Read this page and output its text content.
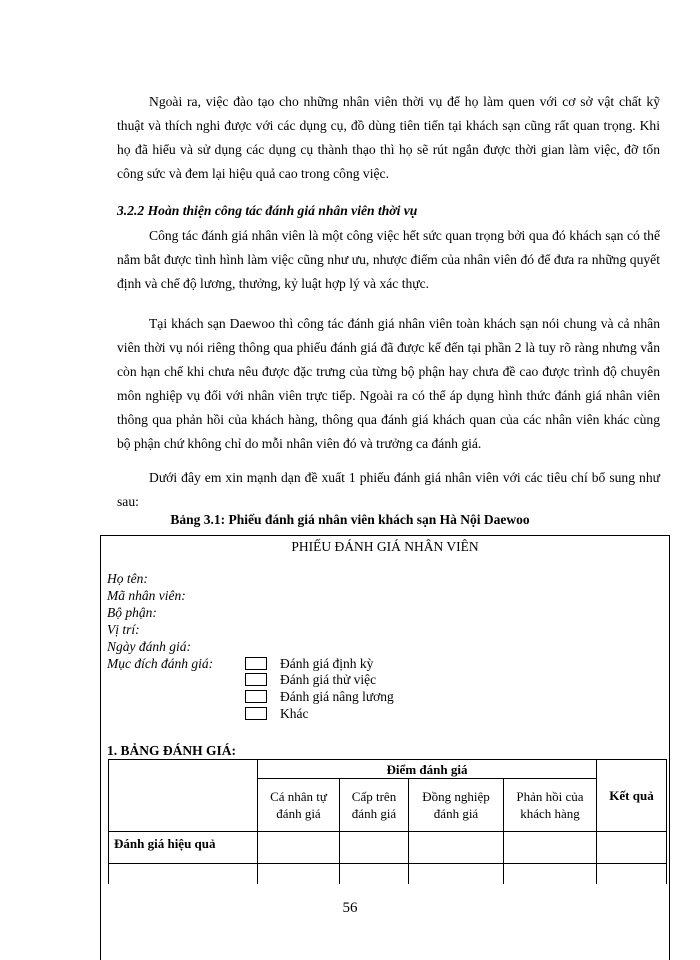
Ngoài ra, việc đào tạo cho những nhân viên thời vụ để họ làm quen với cơ sở vật chất kỹ thuật và thích nghi được với các dụng cụ, đồ dùng tiên tiến tại khách sạn cũng rất quan trọng. Khi họ đã hiểu và sử dụng các dụng cụ thành thạo thì họ sẽ rút ngắn được thời gian làm việc, đỡ tốn công sức và đem lại hiệu quả cao trong công việc.

3.2.2 Hoàn thiện công tác đánh giá nhân viên thời vụ

Công tác đánh giá nhân viên là một công việc hết sức quan trọng bởi qua đó khách sạn có thể nắm bắt được tình hình làm việc cũng như ưu, nhược điểm của nhân viên đó để đưa ra những quyết định và chế độ lương, thưởng, kỷ luật hợp lý và xác thực.

Tại khách sạn Daewoo thì công tác đánh giá nhân viên toàn khách sạn nói chung và cả nhân viên thời vụ nói riêng thông qua phiếu đánh giá đã được kể đến tại phần 2 là tuy rõ ràng nhưng vẫn còn hạn chế khi chưa nêu được đặc trưng của từng bộ phận hay chưa đề cao được trình độ chuyên môn nghiệp vụ đối với nhân viên trực tiếp. Ngoài ra có thể áp dụng hình thức đánh giá nhân viên thông qua phản hồi của khách hàng, thông qua đánh giá khách quan của các nhân viên khác cùng bộ phận chứ không chỉ do mỗi nhân viên đó và trưởng ca đánh giá.

Dưới đây em xin mạnh dạn đề xuất 1 phiếu đánh giá nhân viên với các tiêu chí bổ sung như sau:

Bảng 3.1: Phiếu đánh giá nhân viên khách sạn Hà Nội Daewoo

PHIẾU ĐÁNH GIÁ NHÂN VIÊN
Họ tên:
Mã nhân viên:
Bộ phận:
Vị trí:
Ngày đánh giá:
Mục đích đánh giá:	Đánh giá định kỳ
Đánh giá thử việc
Đánh giá nâng lương
Khác
1. BẢNG ĐÁNH GIÁ:
	Điểm đánh giá				Kết quả
	Cá nhân tự đánh giá	Cấp trên đánh giá	Đồng nghiệp đánh giá	Phản hồi của khách hàng	
Đánh giá hiệu quả					

56
